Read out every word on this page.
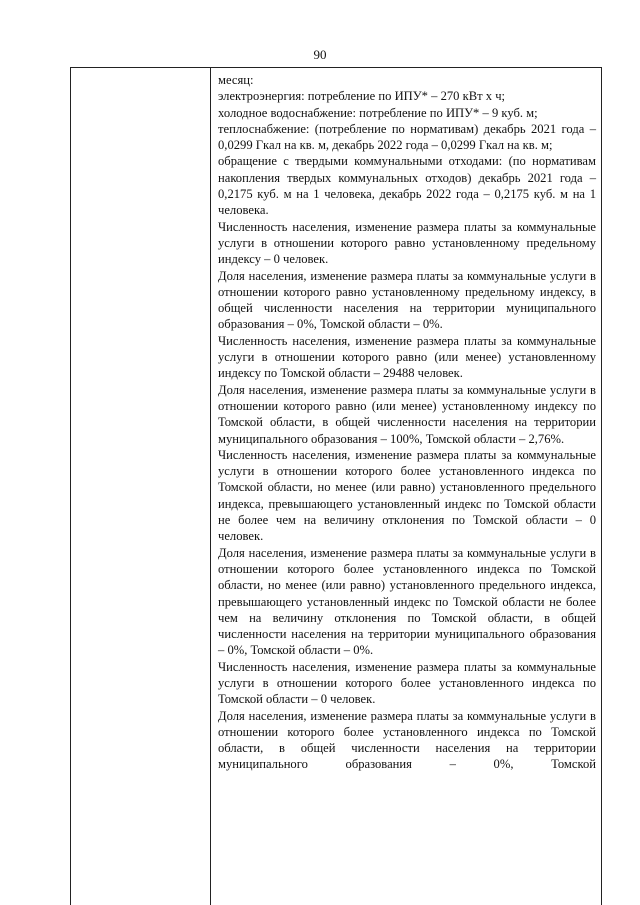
90

месяц:

электроэнергия: потребление по ИПУ* – 270 кВт х ч;

холодное водоснабжение: потребление по ИПУ* – 9 куб. м;

теплоснабжение: (потребление по нормативам) декабрь 2021 года – 0,0299 Гкал на кв. м, декабрь 2022 года – 0,0299 Гкал на кв. м;

обращение с твердыми коммунальными отходами: (по нормативам накопления твердых коммунальных отходов) декабрь 2021 года – 0,2175 куб. м на 1 человека, декабрь 2022 года – 0,2175 куб. м на 1 человека.

Численность населения, изменение размера платы за коммунальные услуги в отношении которого равно установленному предельному индексу – 0 человек.

Доля населения, изменение размера платы за коммунальные услуги в отношении которого равно установленному предельному индексу, в общей численности населения на территории муниципального образования – 0%, Томской области – 0%.

Численность населения, изменение размера платы за коммунальные услуги в отношении которого равно (или менее) установленному индексу по Томской области – 29488 человек.

Доля населения, изменение размера платы за коммунальные услуги в отношении которого равно (или менее) установленному индексу по Томской области, в общей численности населения на территории муниципального образования – 100%, Томской области – 2,76%.

Численность населения, изменение размера платы за коммунальные услуги в отношении которого более установленного индекса по Томской области, но менее (или равно) установленного предельного индекса, превышающего установленный индекс по Томской области не более чем на величину отклонения по Томской области – 0 человек.

Доля населения, изменение размера платы за коммунальные услуги в отношении которого более установленного индекса по Томской области, но менее (или равно) установленного предельного индекса, превышающего установленный индекс по Томской области не более чем на величину отклонения по Томской области, в общей численности населения на территории муниципального образования – 0%, Томской области – 0%.

Численность населения, изменение размера платы за коммунальные услуги в отношении которого более установленного индекса по Томской области – 0 человек.

Доля населения, изменение размера платы за коммунальные услуги в отношении которого более установленного индекса по Томской области, в общей численности населения на территории муниципального образования – 0%, Томской
